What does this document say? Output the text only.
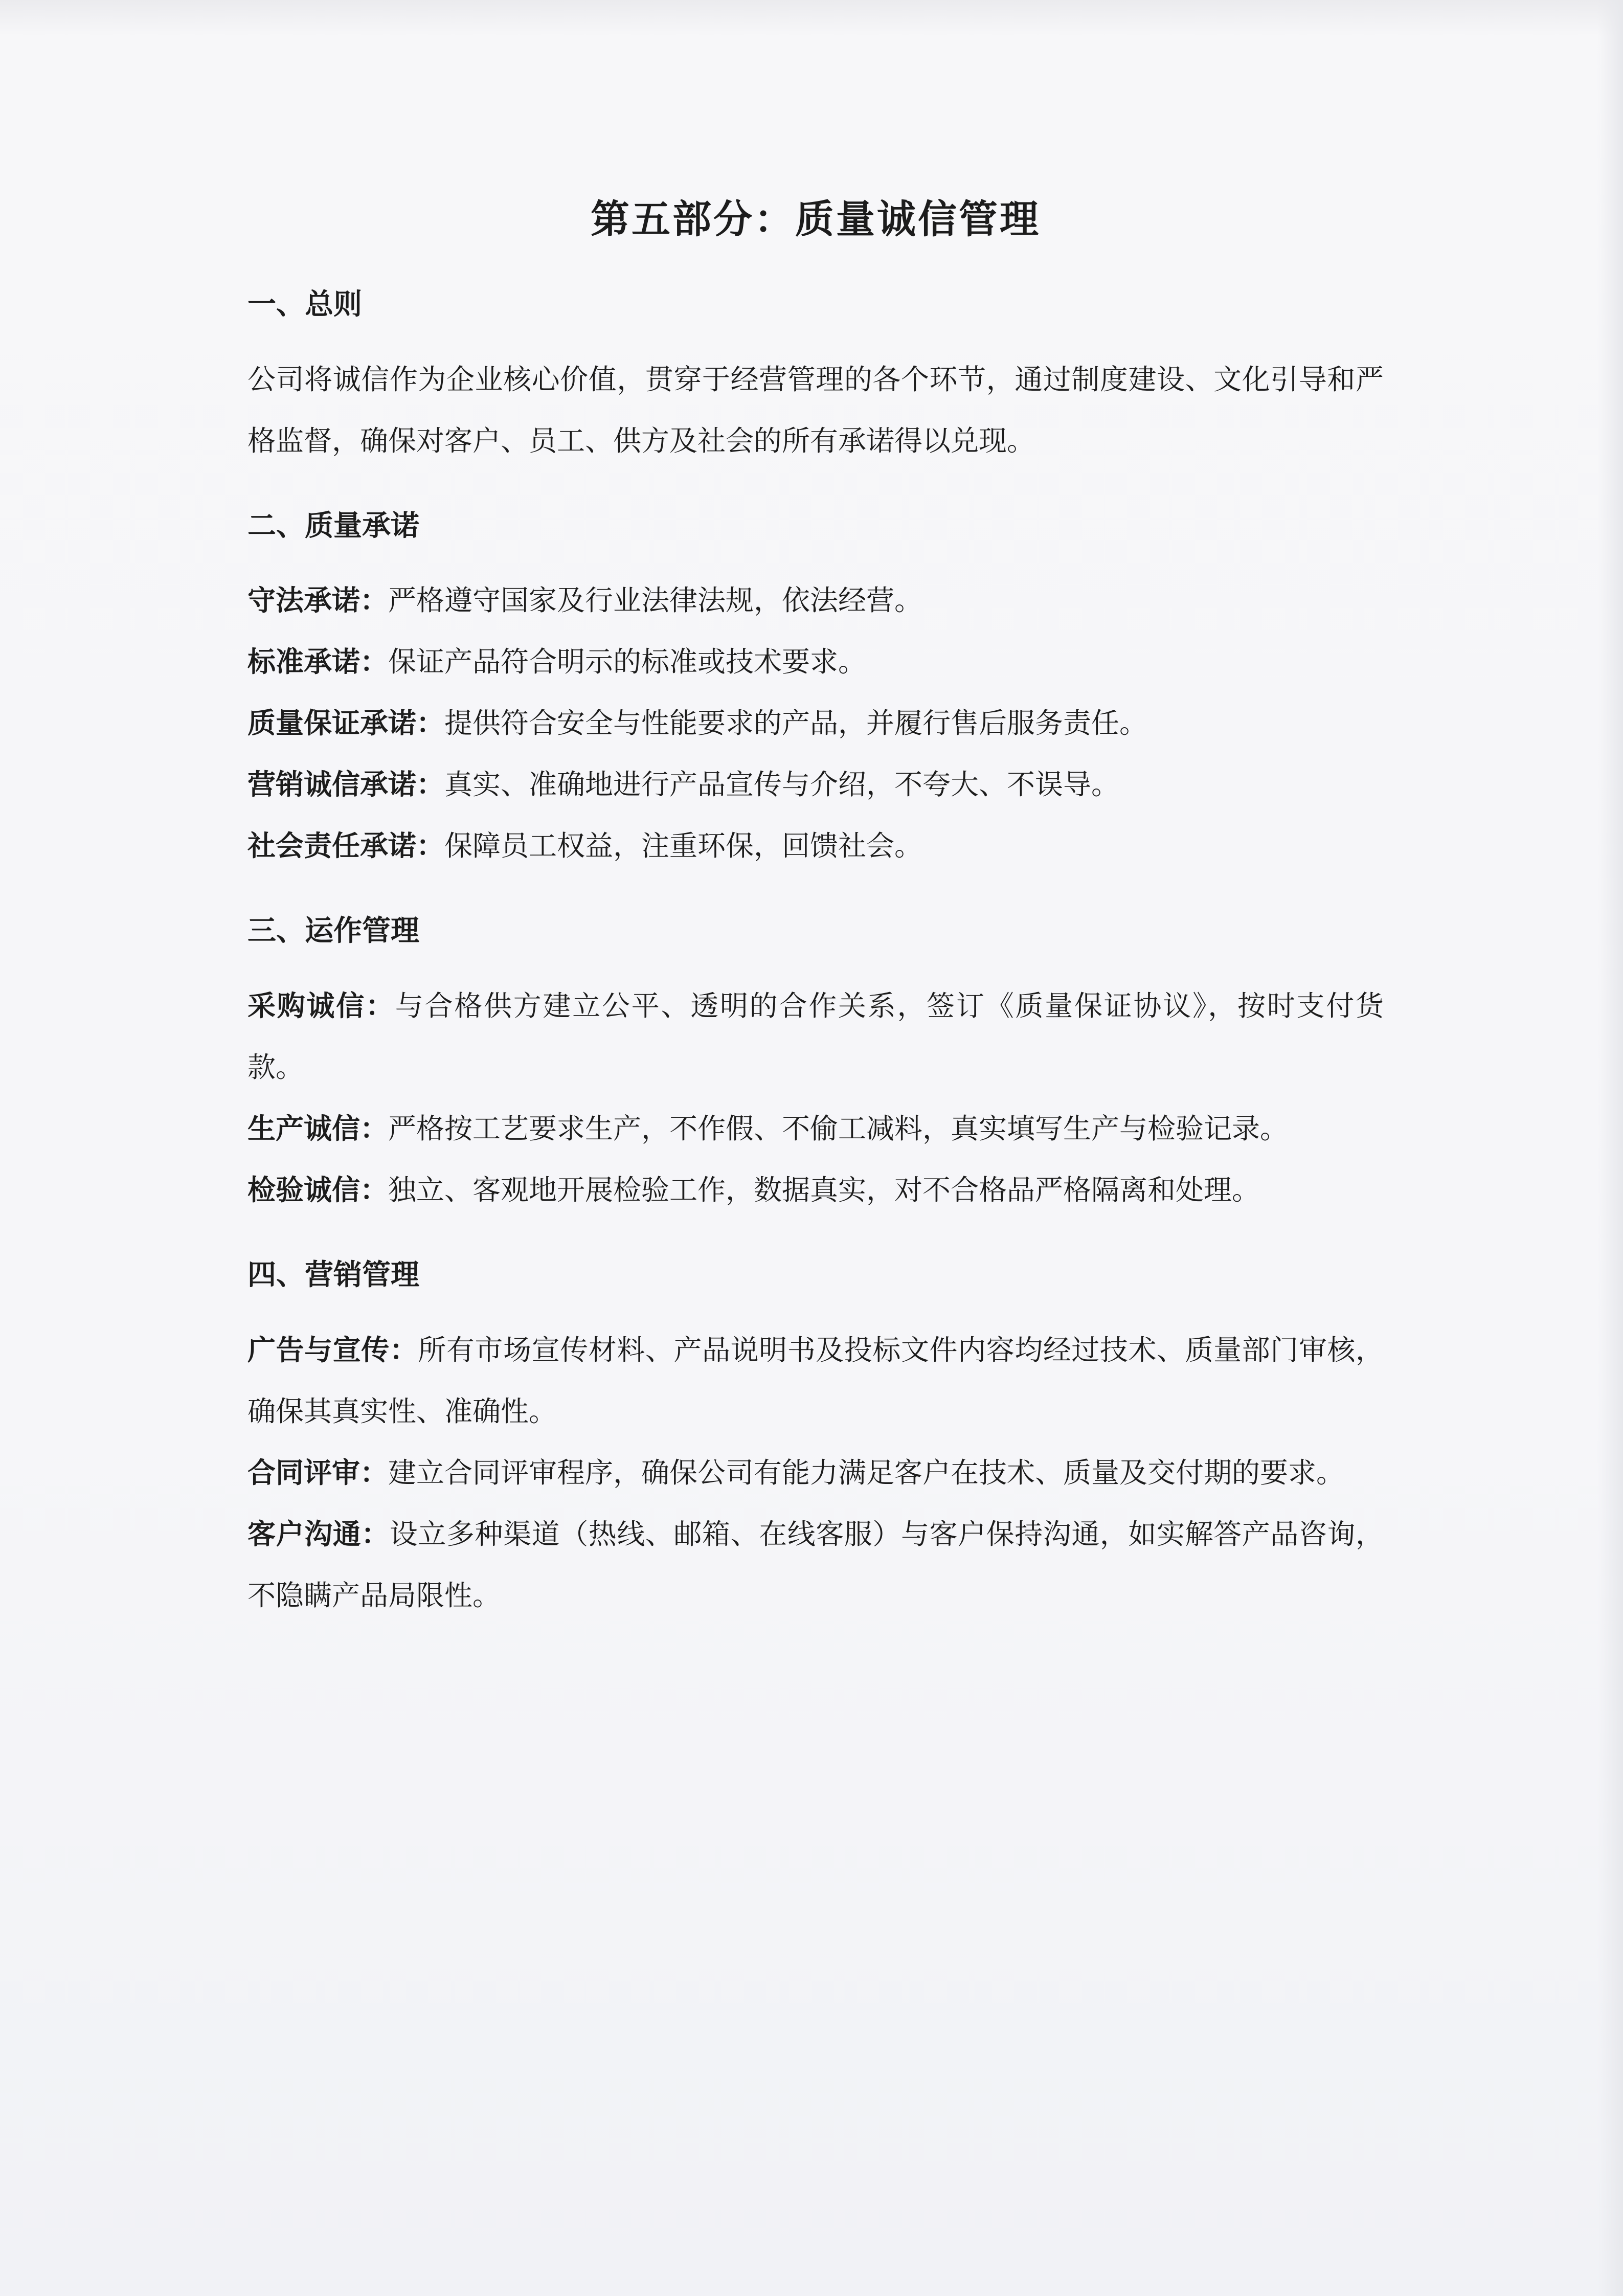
第五部分：质量诚信管理
一、总则

公司将诚信作为企业核心价值，贯穿于经营管理的各个环节，通过制度建设、文化引导和严格监督，确保对客户、员工、供方及社会的所有承诺得以兑现。

二、质量承诺

守法承诺：严格遵守国家及行业法律法规，依法经营。

标准承诺：保证产品符合明示的标准或技术要求。

质量保证承诺：提供符合安全与性能要求的产品，并履行售后服务责任。

营销诚信承诺：真实、准确地进行产品宣传与介绍，不夸大、不误导。

社会责任承诺：保障员工权益，注重环保，回馈社会。

三、运作管理

采购诚信：与合格供方建立公平、透明的合作关系，签订《质量保证协议》，按时支付货款。

生产诚信：严格按工艺要求生产，不作假、不偷工减料，真实填写生产与检验记录。

检验诚信：独立、客观地开展检验工作，数据真实，对不合格品严格隔离和处理。

四、营销管理

广告与宣传：所有市场宣传材料、产品说明书及投标文件内容均经过技术、质量部门审核，确保其真实性、准确性。

合同评审：建立合同评审程序，确保公司有能力满足客户在技术、质量及交付期的要求。

客户沟通：设立多种渠道（热线、邮箱、在线客服）与客户保持沟通，如实解答产品咨询，不隐瞒产品局限性。
